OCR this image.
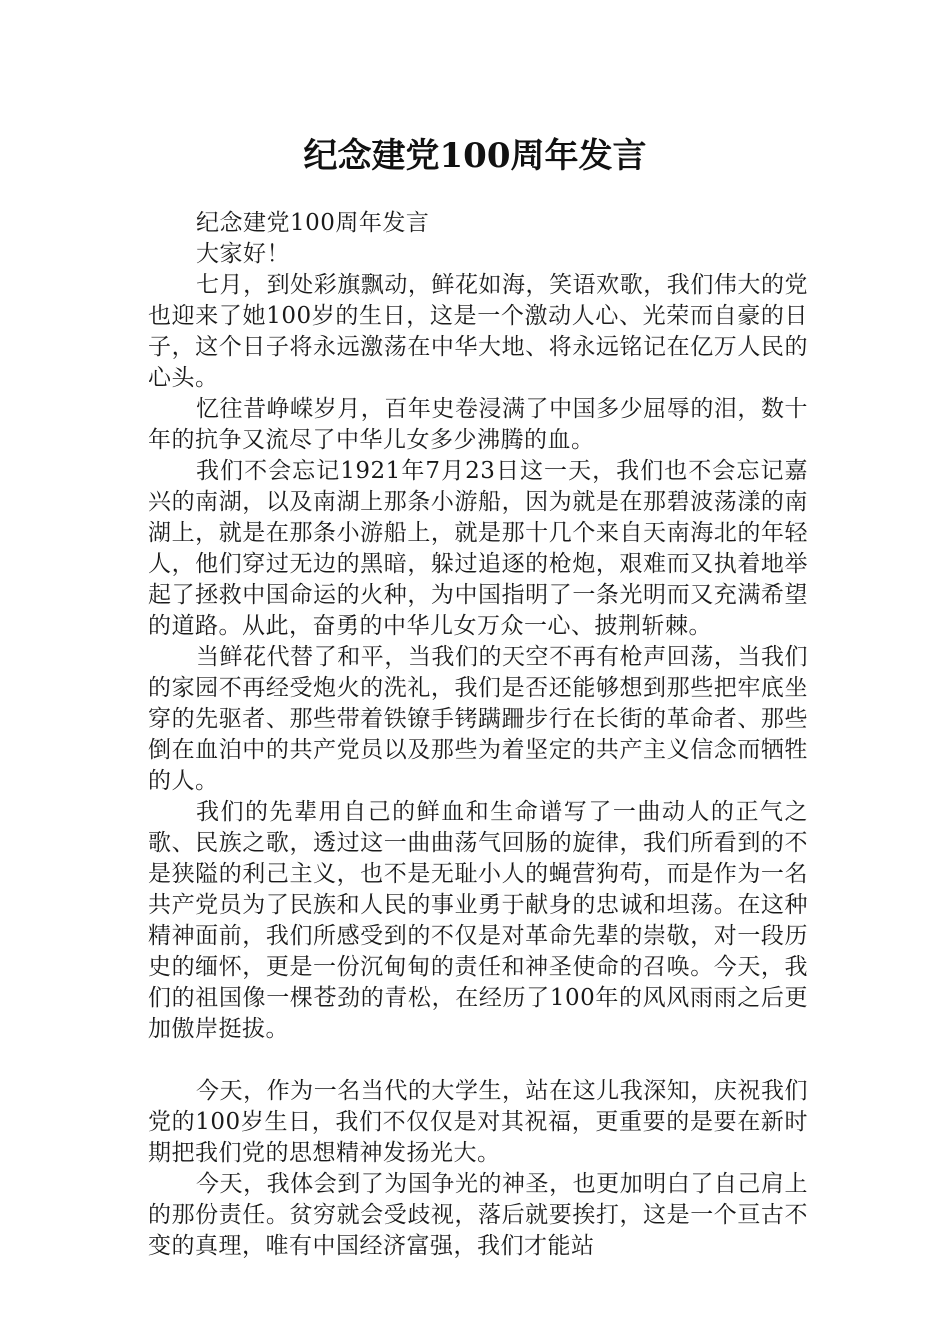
纪念建党100周年发言

纪念建党100周年发言

大家好！

七月，到处彩旗飘动，鲜花如海，笑语欢歌，我们伟大的党也迎来了她100岁的生日，这是一个激动人心、光荣而自豪的日子，这个日子将永远激荡在中华大地、将永远铭记在亿万人民的心头。

忆往昔峥嵘岁月，百年史卷浸满了中国多少屈辱的泪，数十年的抗争又流尽了中华儿女多少沸腾的血。

我们不会忘记1921年7月23日这一天，我们也不会忘记嘉兴的南湖，以及南湖上那条小游船，因为就是在那碧波荡漾的南湖上，就是在那条小游船上，就是那十几个来自天南海北的年轻人，他们穿过无边的黑暗，躲过追逐的枪炮，艰难而又执着地举起了拯救中国命运的火种，为中国指明了一条光明而又充满希望的道路。从此，奋勇的中华儿女万众一心、披荆斩棘。

当鲜花代替了和平，当我们的天空不再有枪声回荡，当我们的家园不再经受炮火的洗礼，我们是否还能够想到那些把牢底坐穿的先驱者、那些带着铁镣手铐蹒跚步行在长街的革命者、那些倒在血泊中的共产党员以及那些为着坚定的共产主义信念而牺牲的人。

我们的先辈用自己的鲜血和生命谱写了一曲动人的正气之歌、民族之歌，透过这一曲曲荡气回肠的旋律，我们所看到的不是狭隘的利己主义，也不是无耻小人的蝇营狗苟，而是作为一名共产党员为了民族和人民的事业勇于献身的忠诚和坦荡。在这种精神面前，我们所感受到的不仅是对革命先辈的崇敬，对一段历史的缅怀，更是一份沉甸甸的责任和神圣使命的召唤。今天，我们的祖国像一棵苍劲的青松，在经历了100年的风风雨雨之后更加傲岸挺拔。

今天，作为一名当代的大学生，站在这儿我深知，庆祝我们党的100岁生日，我们不仅仅是对其祝福，更重要的是要在新时期把我们党的思想精神发扬光大。

今天，我体会到了为国争光的神圣，也更加明白了自己肩上的那份责任。贫穷就会受歧视，落后就要挨打，这是一个亘古不变的真理，唯有中国经济富强，我们才能站
